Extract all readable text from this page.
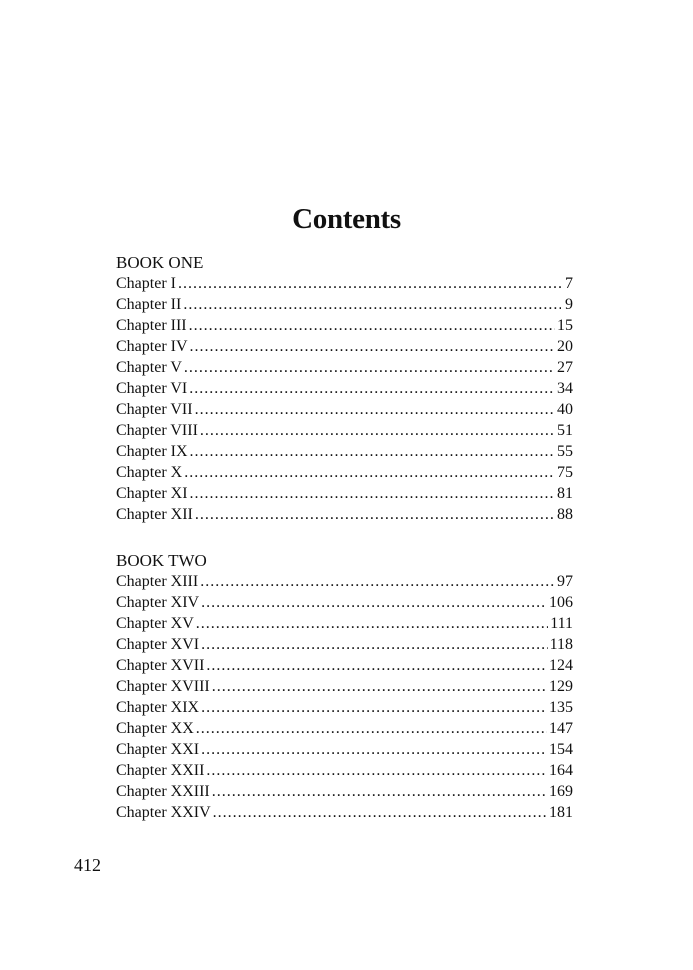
Contents
BOOK ONE
Chapter I .....	7
Chapter II .....	9
Chapter III .....	15
Chapter IV .....	20
Chapter V .....	27
Chapter VI .....	34
Chapter VII .....	40
Chapter VIII .....	51
Chapter IX .....	55
Chapter X .....	75
Chapter XI .....	81
Chapter XII .....	88
BOOK TWO
Chapter XIII .....	97
Chapter XIV .....	106
Chapter XV .....	111
Chapter XVI .....	118
Chapter XVII .....	124
Chapter XVIII .....	129
Chapter XIX .....	135
Chapter XX .....	147
Chapter XXI .....	154
Chapter XXII .....	164
Chapter XXIII .....	169
Chapter XXIV .....	181
412
